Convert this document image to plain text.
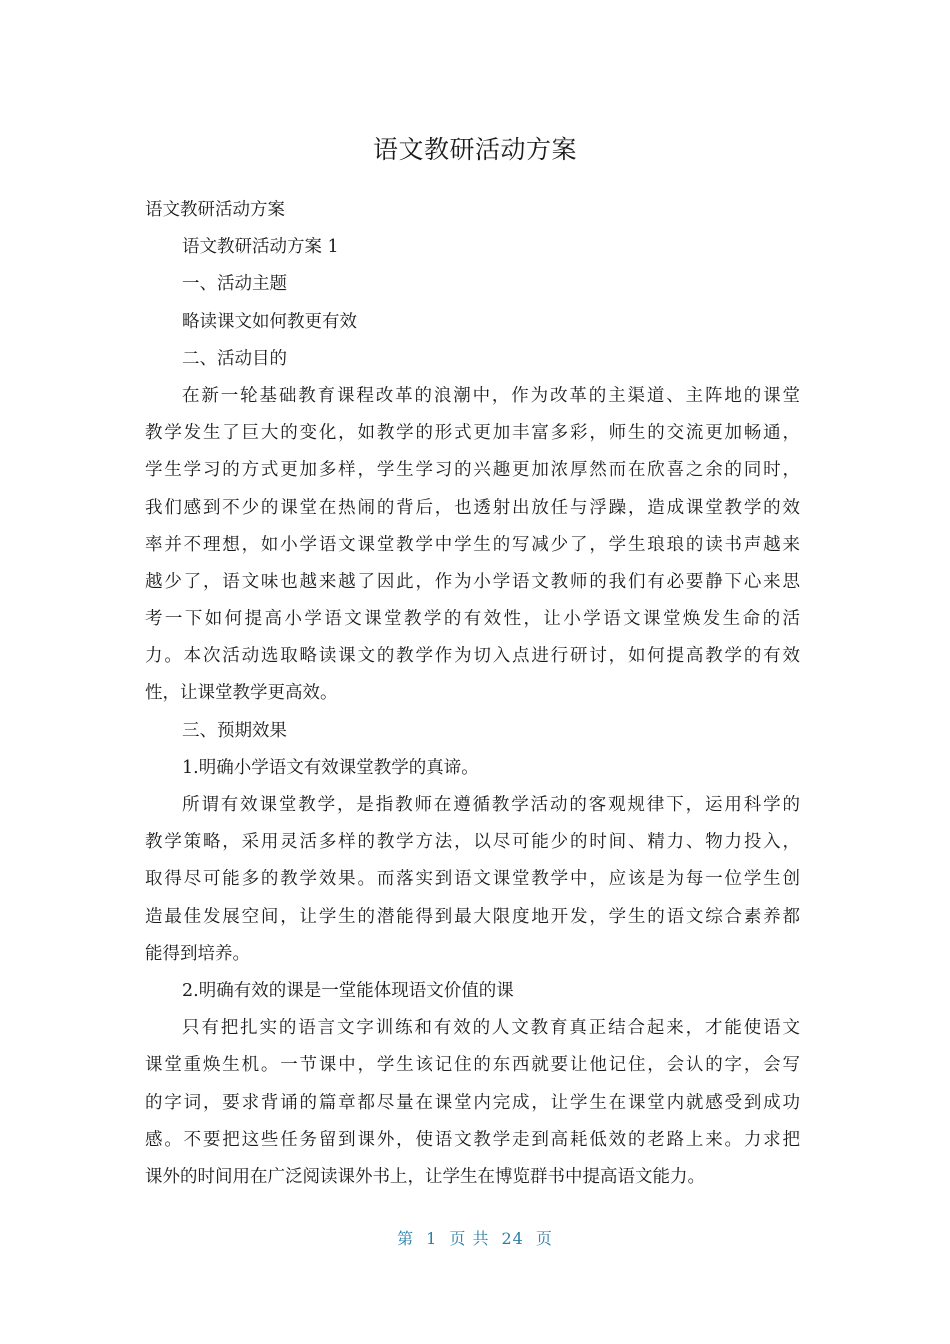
语文教研活动方案
语文教研活动方案
语文教研活动方案 1
一、活动主题
略读课文如何教更有效
二、活动目的
在新一轮基础教育课程改革的浪潮中，作为改革的主渠道、主阵地的课堂
教学发生了巨大的变化，如教学的形式更加丰富多彩，师生的交流更加畅通，
学生学习的方式更加多样，学生学习的兴趣更加浓厚然而在欣喜之余的同时，
我们感到不少的课堂在热闹的背后，也透射出放任与浮躁，造成课堂教学的效
率并不理想，如小学语文课堂教学中学生的写减少了，学生琅琅的读书声越来
越少了，语文味也越来越了因此，作为小学语文教师的我们有必要静下心来思
考一下如何提高小学语文课堂教学的有效性，让小学语文课堂焕发生命的活
力。本次活动选取略读课文的教学作为切入点进行研讨，如何提高教学的有效
性，让课堂教学更高效。
三、预期效果
1.明确小学语文有效课堂教学的真谛。
所谓有效课堂教学，是指教师在遵循教学活动的客观规律下，运用科学的
教学策略，采用灵活多样的教学方法，以尽可能少的时间、精力、物力投入，
取得尽可能多的教学效果。而落实到语文课堂教学中，应该是为每一位学生创
造最佳发展空间，让学生的潜能得到最大限度地开发，学生的语文综合素养都
能得到培养。
2.明确有效的课是一堂能体现语文价值的课
只有把扎实的语言文字训练和有效的人文教育真正结合起来，才能使语文
课堂重焕生机。一节课中，学生该记住的东西就要让他记住，会认的字，会写
的字词，要求背诵的篇章都尽量在课堂内完成，让学生在课堂内就感受到成功
感。不要把这些任务留到课外，使语文教学走到高耗低效的老路上来。力求把
课外的时间用在广泛阅读课外书上，让学生在博览群书中提高语文能力。
第 1 页 共 24 页
